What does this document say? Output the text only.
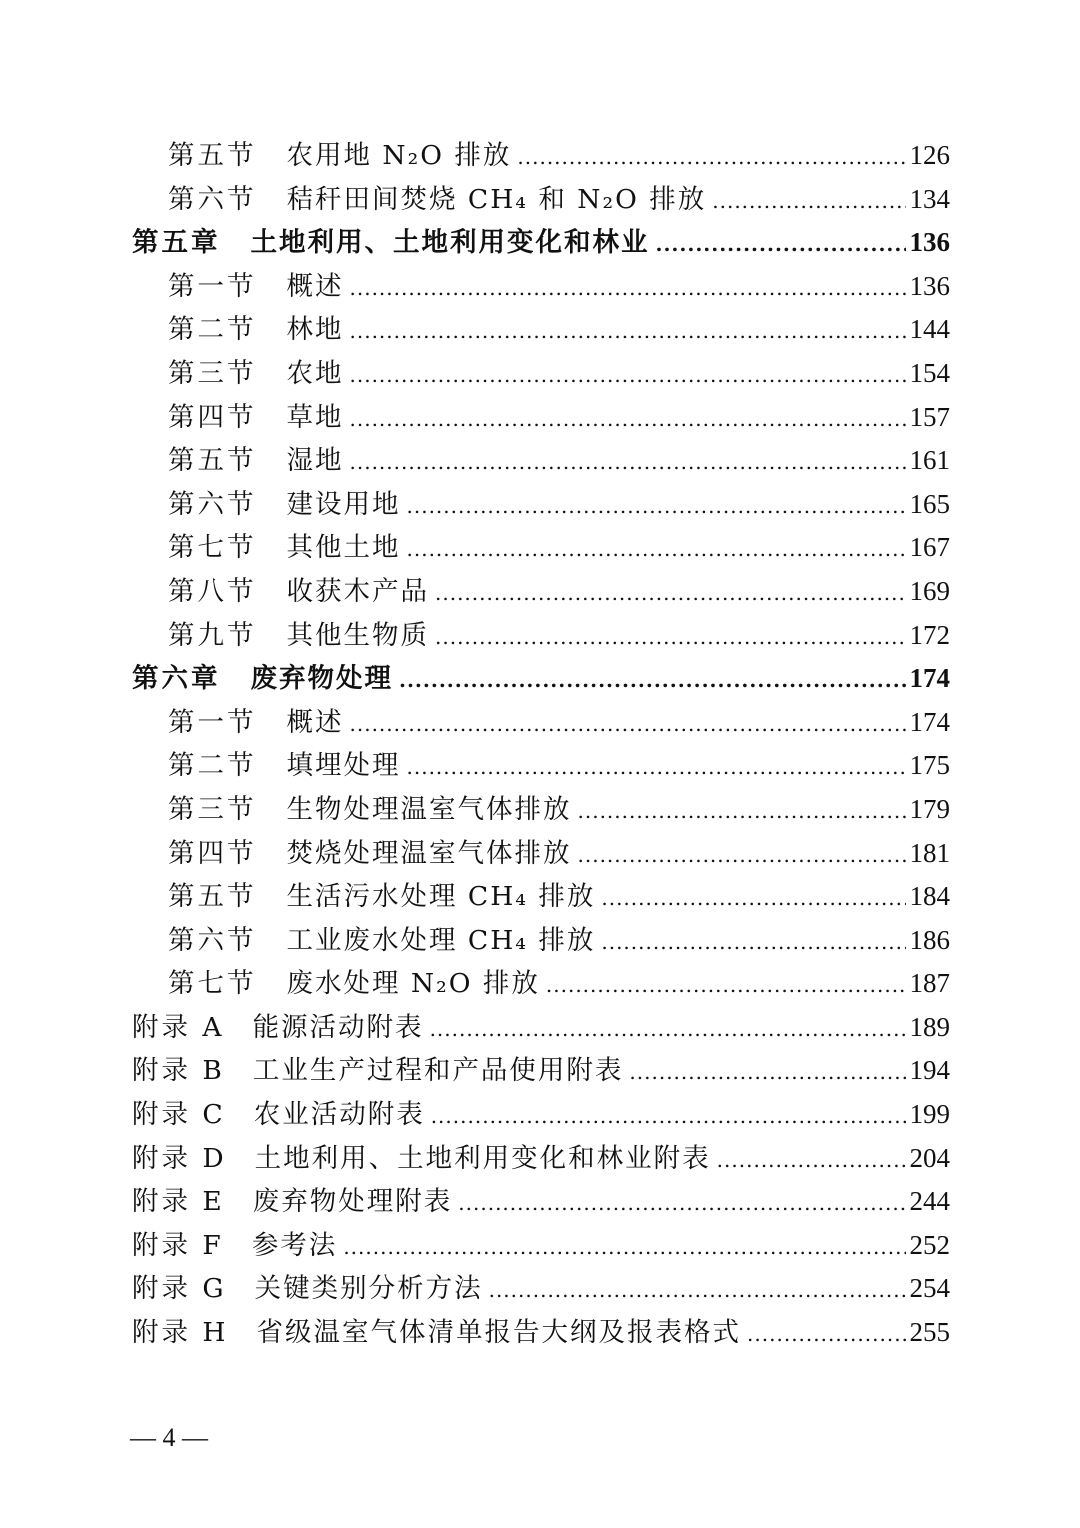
第五节 农用地 N₂O 排放 .....	126
第六节 秸秆田间焚烧 CH₄ 和 N₂O 排放 .....	134
第五章 土地利用、土地利用变化和林业 .....	136
第一节 概述 .....	136
第二节 林地 .....	144
第三节 农地 .....	154
第四节 草地 .....	157
第五节 湿地 .....	161
第六节 建设用地 .....	165
第七节 其他土地 .....	167
第八节 收获木产品 .....	169
第九节 其他生物质 .....	172
第六章 废弃物处理 .....	174
第一节 概述 .....	174
第二节 填埋处理 .....	175
第三节 生物处理温室气体排放 .....	179
第四节 焚烧处理温室气体排放 .....	181
第五节 生活污水处理 CH₄ 排放 .....	184
第六节 工业废水处理 CH₄ 排放 .....	186
第七节 废水处理 N₂O 排放 .....	187
附录 A 能源活动附表 .....	189
附录 B 工业生产过程和产品使用附表 .....	194
附录 C 农业活动附表 .....	199
附录 D 土地利用、土地利用变化和林业附表 .....	204
附录 E 废弃物处理附表 .....	244
附录 F 参考法 .....	252
附录 G 关键类别分析方法 .....	254
附录 H 省级温室气体清单报告大纲及报表格式 .....	255
— 4 —
